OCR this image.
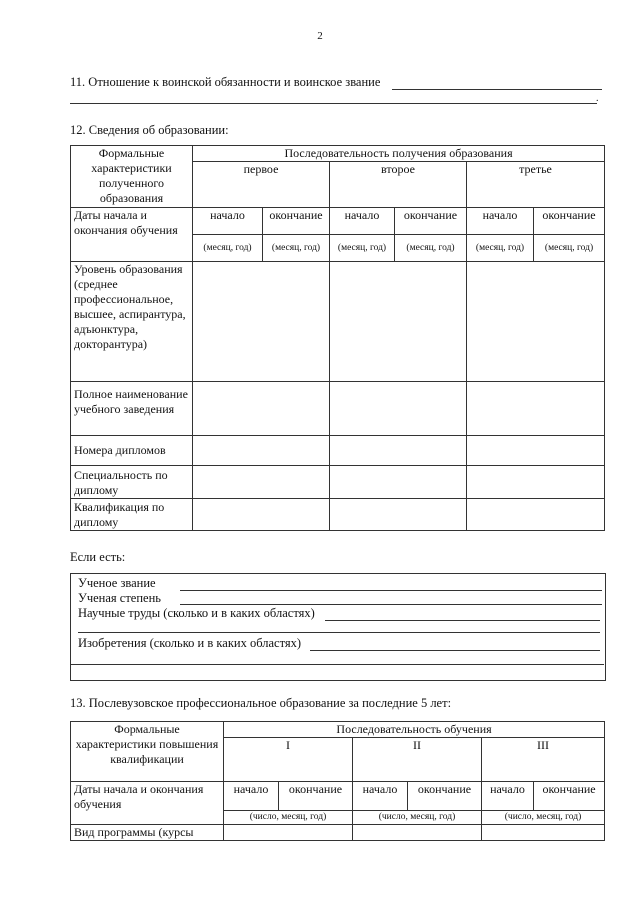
2
11. Отношение к воинской обязанности и воинское звание
.
12. Сведения об образовании:
Формальные характеристики полученного образования	Последовательность получения образования					
	первое		второе		третье	
Даты начала и окончания обучения	начало	окончание	начало	окончание	начало	окончание
	(месяц, год)	(месяц, год)	(месяц, год)	(месяц, год)	(месяц, год)	(месяц, год)
Уровень образования (среднее профессиональное, высшее, аспирантура, адъюнктура, докторантура)						
Полное наименование учебного заведения						
Номера дипломов						
Специальность по диплому						
Квалификация по диплому						
Если есть:
Ученое звание
Ученая степень
Научные труды (сколько и в каких областях)
Изобретения (сколько и в каких областях)
13. Послевузовское профессиональное образование за последние 5 лет:
Формальные характеристики повышения квалификации	Последовательность обучения					
	I		II		III	
Даты начала и окончания обучения	начало	окончание	начало	окончание	начало	окончание
	(число, месяц, год)		(число, месяц, год)		(число, месяц, год)	
Вид программы (курсы						
